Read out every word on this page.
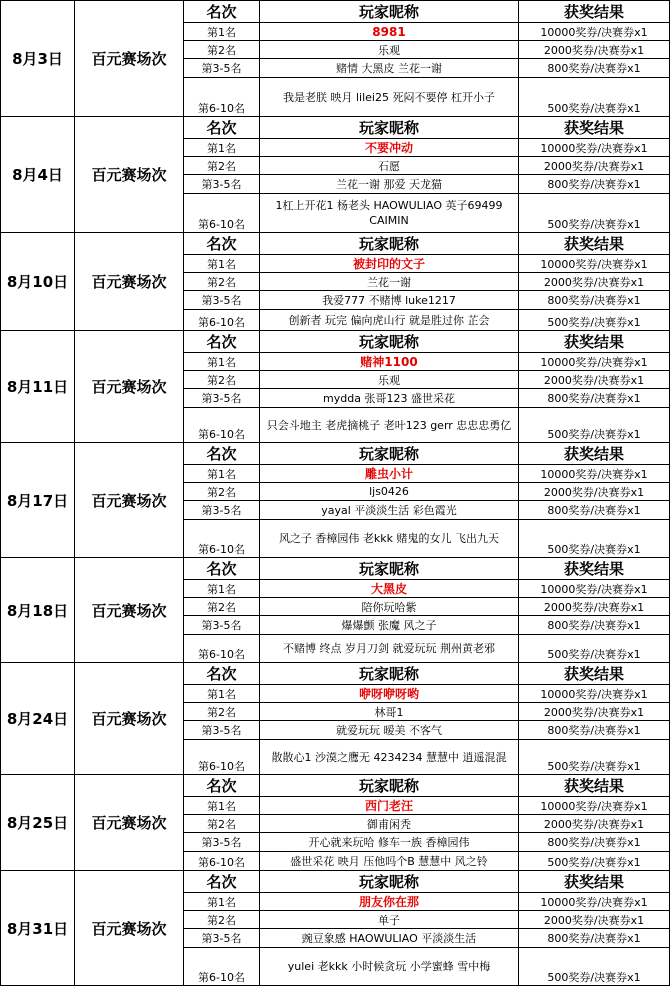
8月3日	百元赛场次	名次	玩家昵称	获奖结果
		第1名	8981	10000奖券/决赛券x1
		第2名	乐观	2000奖券/决赛券x1
		第3-5名	赌情 大黑皮 兰花一谢	800奖券/决赛券x1
		第6-10名	我是老朕 映月 lilei25 死闷不要停 杠开小子	500奖券/决赛券x1
8月4日	百元赛场次	名次	玩家昵称	获奖结果
		第1名	不要冲动	10000奖券/决赛券x1
		第2名	石愿	2000奖券/决赛券x1
		第3-5名	兰花一谢 那爱 天龙猫	800奖券/决赛券x1
		第6-10名	1杠上开花1 杨老头 HAOWULIAO 英子69499 CAIMIN	500奖券/决赛券x1
8月10日	百元赛场次	名次	玩家昵称	获奖结果
		第1名	被封印的文子	10000奖券/决赛券x1
		第2名	兰花一谢	2000奖券/决赛券x1
		第3-5名	我爱777 不赌博 luke1217	800奖券/决赛券x1
		第6-10名	创新者 玩完 偏向虎山行 就是胜过你 芷会	500奖券/决赛券x1
8月11日	百元赛场次	名次	玩家昵称	获奖结果
		第1名	赌神1100	10000奖券/决赛券x1
		第2名	乐观	2000奖券/决赛券x1
		第3-5名	mydda 张哥123 盛世采花	800奖券/决赛券x1
		第6-10名	只会斗地主 老虎摘桃子 老叶123 gerr 忠忠忠勇亿	500奖券/决赛券x1
8月17日	百元赛场次	名次	玩家昵称	获奖结果
		第1名	雕虫小计	10000奖券/决赛券x1
		第2名	ljs0426	2000奖券/决赛券x1
		第3-5名	yayal 平淡淡生活 彩色霞光	800奖券/决赛券x1
		第6-10名	风之子 香樟园伟 老kkk 赌鬼的女儿 飞出九天	500奖券/决赛券x1
8月18日	百元赛场次	名次	玩家昵称	获奖结果
		第1名	大黑皮	10000奖券/决赛券x1
		第2名	陪你玩哈紫	2000奖券/决赛券x1
		第3-5名	爆爆颤 张魔 风之子	800奖券/决赛券x1
		第6-10名	不赌博 终点 岁月刀剑 就爱玩玩 荆州黄老邪	500奖券/决赛券x1
8月24日	百元赛场次	名次	玩家昵称	获奖结果
		第1名	咿呀咿呀哟	10000奖券/决赛券x1
		第2名	林哥1	2000奖券/决赛券x1
		第3-5名	就爱玩玩 暧美 不客气	800奖券/决赛券x1
		第6-10名	散散心1 沙漠之鹰无 4234234 慧慧中 逍遥混混	500奖券/决赛券x1
8月25日	百元赛场次	名次	玩家昵称	获奖结果
		第1名	西门老汪	10000奖券/决赛券x1
		第2名	御甫闲秃	2000奖券/决赛券x1
		第3-5名	开心就来玩哈 修车一族 香樟园伟	800奖券/决赛券x1
		第6-10名	盛世采花 映月 压他吗个B 慧慧中 风之铃	500奖券/决赛券x1
8月31日	百元赛场次	名次	玩家昵称	获奖结果
		第1名	朋友你在那	10000奖券/决赛券x1
		第2名	单子	2000奖券/决赛券x1
		第3-5名	豌豆象感 HAOWULIAO 平淡淡生活	800奖券/决赛券x1
		第6-10名	yulei 老kkk 小时候贪玩 小学蜜蜂 雪中梅	500奖券/决赛券x1
